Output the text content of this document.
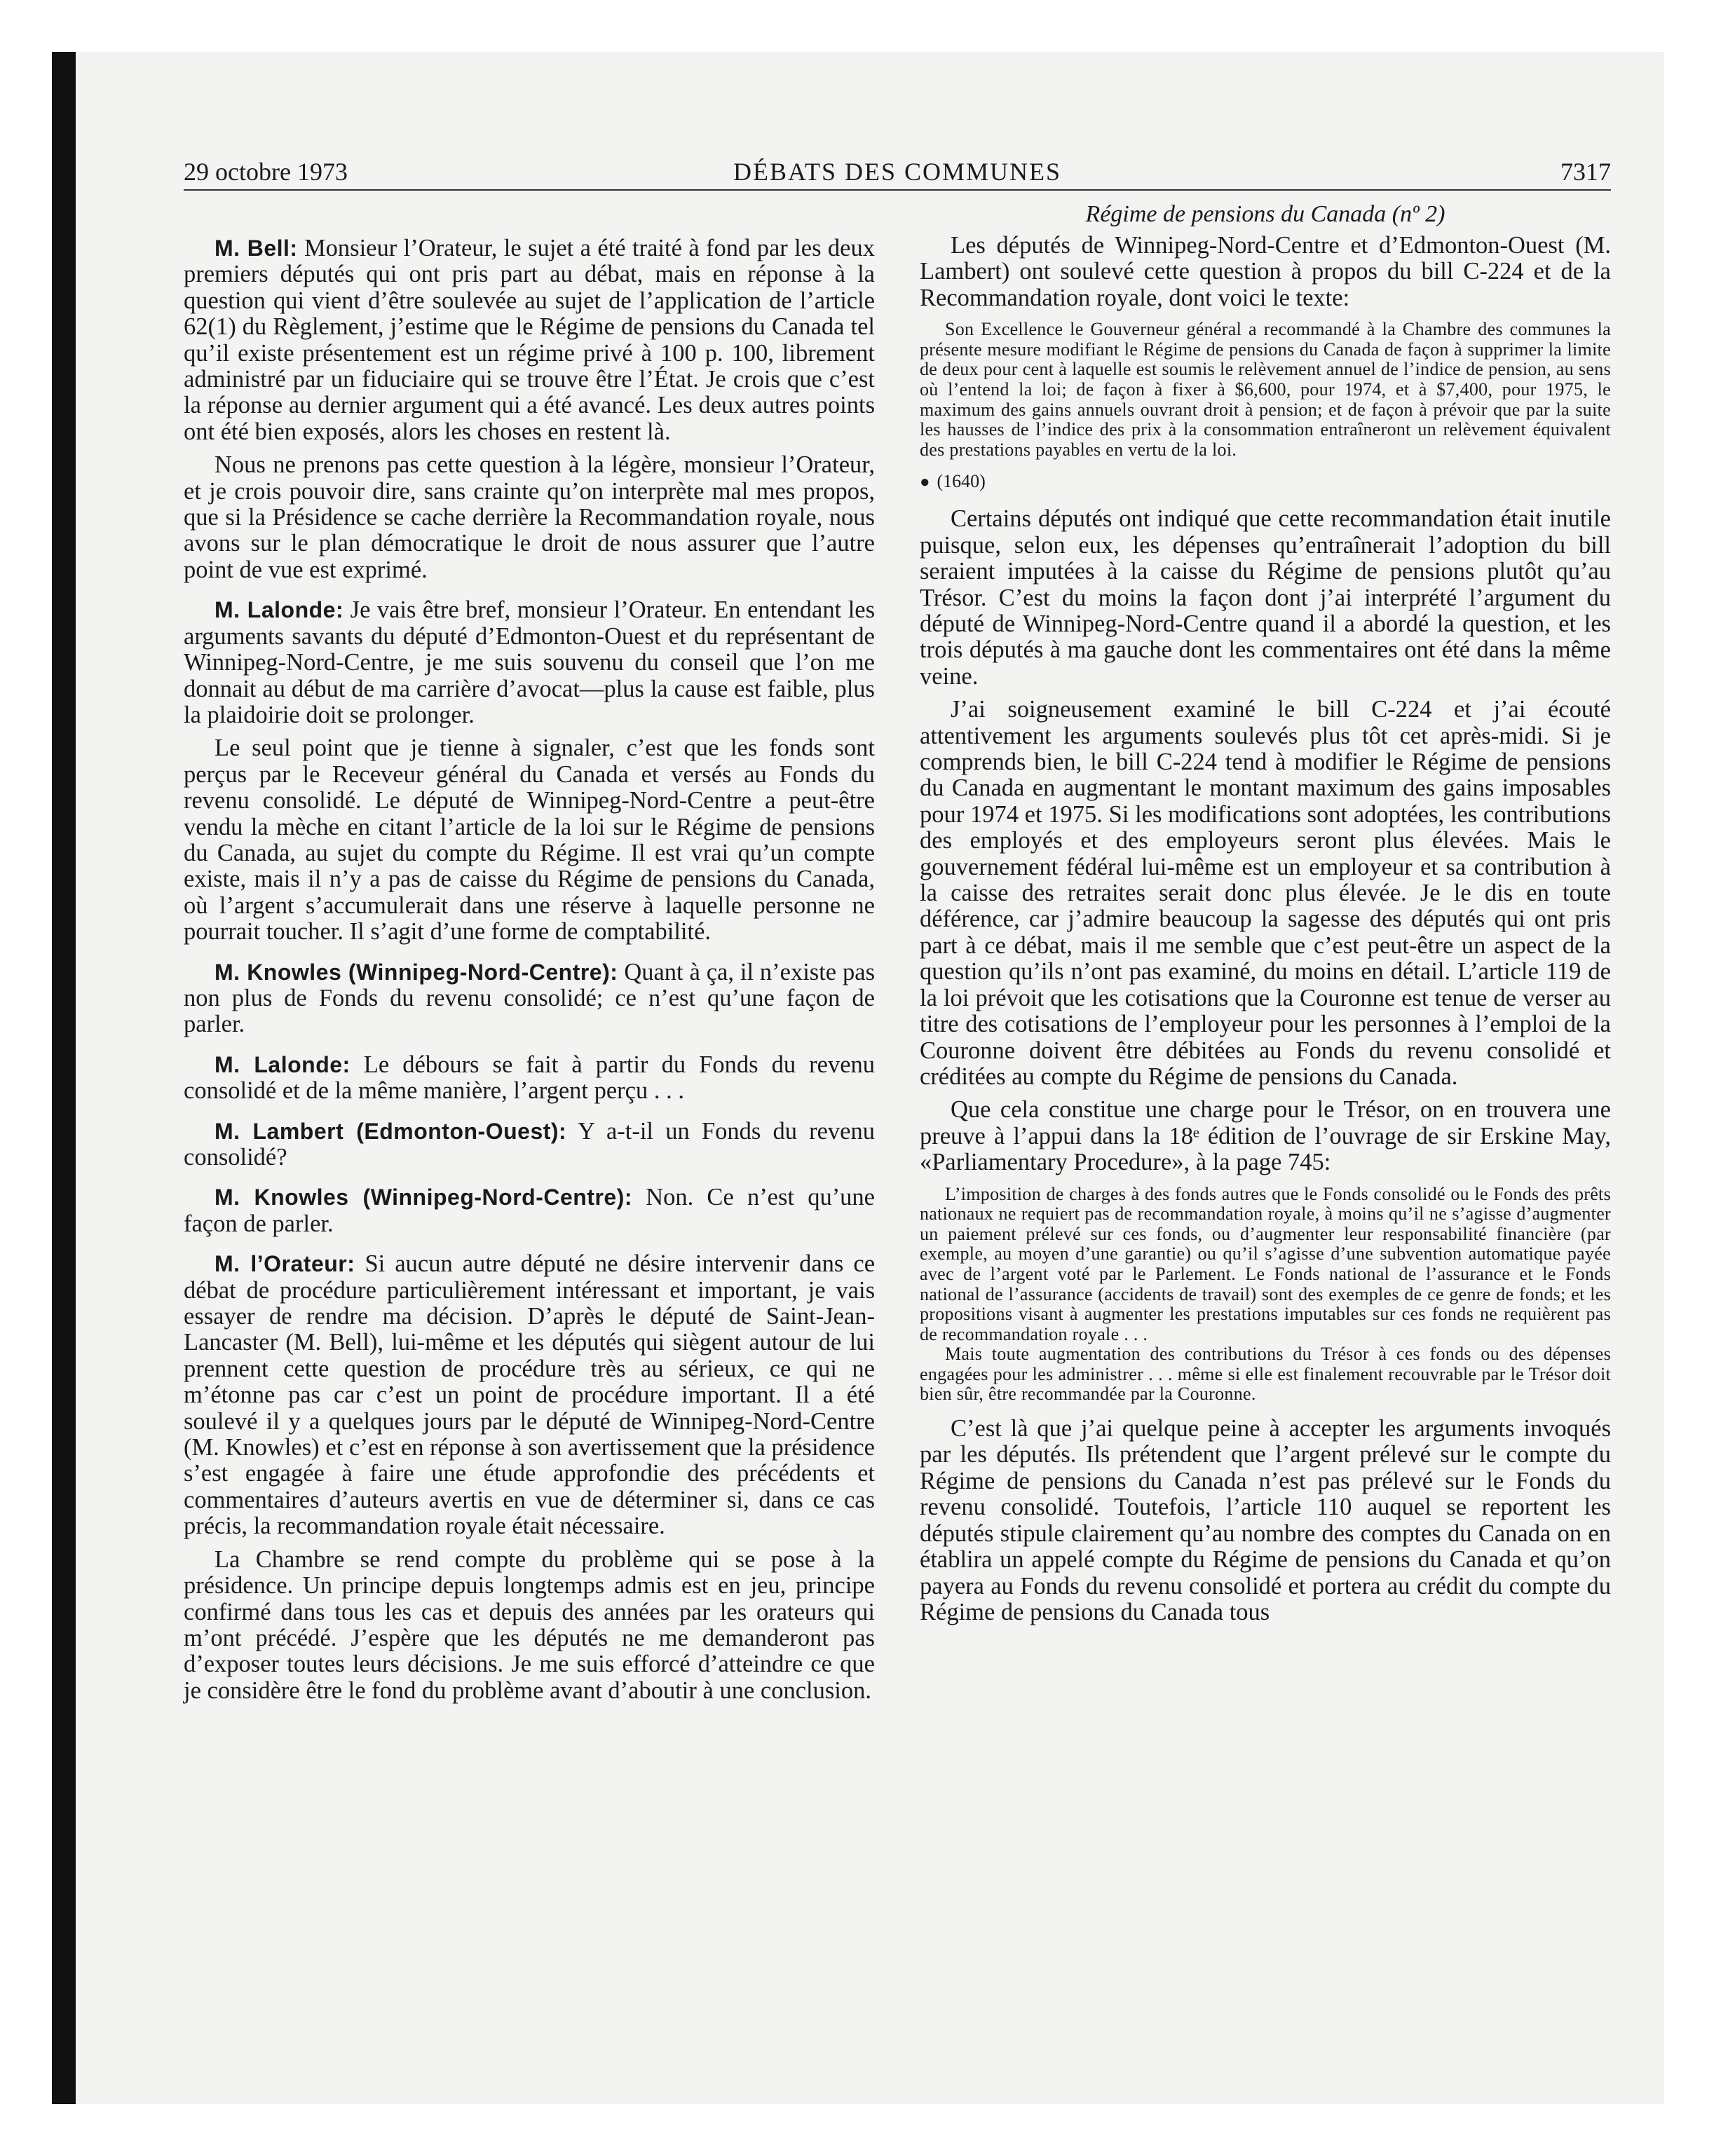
29 octobre 1973	DÉBATS DES COMMUNES	7317

M. Bell: Monsieur l’Orateur, le sujet a été traité à fond par les deux premiers députés qui ont pris part au débat, mais en réponse à la question qui vient d’être soulevée au sujet de l’application de l’article 62(1) du Règlement, j’estime que le Régime de pensions du Canada tel qu’il existe présentement est un régime privé à 100 p. 100, librement administré par un fiduciaire qui se trouve être l’État. Je crois que c’est la réponse au dernier argument qui a été avancé. Les deux autres points ont été bien exposés, alors les choses en restent là.

Nous ne prenons pas cette question à la légère, monsieur l’Orateur, et je crois pouvoir dire, sans crainte qu’on interprète mal mes propos, que si la Présidence se cache derrière la Recommandation royale, nous avons sur le plan démocratique le droit de nous assurer que l’autre point de vue est exprimé.

M. Lalonde: Je vais être bref, monsieur l’Orateur. En entendant les arguments savants du député d’Edmonton-Ouest et du représentant de Winnipeg-Nord-Centre, je me suis souvenu du conseil que l’on me donnait au début de ma carrière d’avocat—plus la cause est faible, plus la plaidoirie doit se prolonger.

Le seul point que je tienne à signaler, c’est que les fonds sont perçus par le Receveur général du Canada et versés au Fonds du revenu consolidé. Le député de Winnipeg-Nord-Centre a peut-être vendu la mèche en citant l’article de la loi sur le Régime de pensions du Canada, au sujet du compte du Régime. Il est vrai qu’un compte existe, mais il n’y a pas de caisse du Régime de pensions du Canada, où l’argent s’accumulerait dans une réserve à laquelle personne ne pourrait toucher. Il s’agit d’une forme de comptabilité.

M. Knowles (Winnipeg-Nord-Centre): Quant à ça, il n’existe pas non plus de Fonds du revenu consolidé; ce n’est qu’une façon de parler.

M. Lalonde: Le débours se fait à partir du Fonds du revenu consolidé et de la même manière, l’argent perçu . . .

M. Lambert (Edmonton-Ouest): Y a-t-il un Fonds du revenu consolidé?

M. Knowles (Winnipeg-Nord-Centre): Non. Ce n’est qu’une façon de parler.

M. l’Orateur: Si aucun autre député ne désire intervenir dans ce débat de procédure particulièrement intéressant et important, je vais essayer de rendre ma décision. D’après le député de Saint-Jean-Lancaster (M. Bell), lui-même et les députés qui siègent autour de lui prennent cette question de procédure très au sérieux, ce qui ne m’étonne pas car c’est un point de procédure important. Il a été soulevé il y a quelques jours par le député de Winnipeg-Nord-Centre (M. Knowles) et c’est en réponse à son avertissement que la présidence s’est engagée à faire une étude approfondie des précédents et commentaires d’auteurs avertis en vue de déterminer si, dans ce cas précis, la recommandation royale était nécessaire.

La Chambre se rend compte du problème qui se pose à la présidence. Un principe depuis longtemps admis est en jeu, principe confirmé dans tous les cas et depuis des années par les orateurs qui m’ont précédé. J’espère que les députés ne me demanderont pas d’exposer toutes leurs décisions. Je me suis efforcé d’atteindre ce que je considère être le fond du problème avant d’aboutir à une conclusion.

Régime de pensions du Canada (nº 2)

Les députés de Winnipeg-Nord-Centre et d’Edmonton-Ouest (M. Lambert) ont soulevé cette question à propos du bill C-224 et de la Recommandation royale, dont voici le texte:

Son Excellence le Gouverneur général a recommandé à la Chambre des communes la présente mesure modifiant le Régime de pensions du Canada de façon à supprimer la limite de deux pour cent à laquelle est soumis le relèvement annuel de l’indice de pension, au sens où l’entend la loi; de façon à fixer à $6,600, pour 1974, et à $7,400, pour 1975, le maximum des gains annuels ouvrant droit à pension; et de façon à prévoir que par la suite les hausses de l’indice des prix à la consommation entraîneront un relèvement équivalent des prestations payables en vertu de la loi.

● (1640)

Certains députés ont indiqué que cette recommandation était inutile puisque, selon eux, les dépenses qu’entraînerait l’adoption du bill seraient imputées à la caisse du Régime de pensions plutôt qu’au Trésor. C’est du moins la façon dont j’ai interprété l’argument du député de Winnipeg-Nord-Centre quand il a abordé la question, et les trois députés à ma gauche dont les commentaires ont été dans la même veine.

J’ai soigneusement examiné le bill C-224 et j’ai écouté attentivement les arguments soulevés plus tôt cet après-midi. Si je comprends bien, le bill C-224 tend à modifier le Régime de pensions du Canada en augmentant le montant maximum des gains imposables pour 1974 et 1975. Si les modifications sont adoptées, les contributions des employés et des employeurs seront plus élevées. Mais le gouvernement fédéral lui-même est un employeur et sa contribution à la caisse des retraites serait donc plus élevée. Je le dis en toute déférence, car j’admire beaucoup la sagesse des députés qui ont pris part à ce débat, mais il me semble que c’est peut-être un aspect de la question qu’ils n’ont pas examiné, du moins en détail. L’article 119 de la loi prévoit que les cotisations que la Couronne est tenue de verser au titre des cotisations de l’employeur pour les personnes à l’emploi de la Couronne doivent être débitées au Fonds du revenu consolidé et créditées au compte du Régime de pensions du Canada.

Que cela constitue une charge pour le Trésor, on en trouvera une preuve à l’appui dans la 18ᵉ édition de l’ouvrage de sir Erskine May, «Parliamentary Procedure», à la page 745:

L’imposition de charges à des fonds autres que le Fonds consolidé ou le Fonds des prêts nationaux ne requiert pas de recommandation royale, à moins qu’il ne s’agisse d’augmenter un paiement prélevé sur ces fonds, ou d’augmenter leur responsabilité financière (par exemple, au moyen d’une garantie) ou qu’il s’agisse d’une subvention automatique payée avec de l’argent voté par le Parlement. Le Fonds national de l’assurance et le Fonds national de l’assurance (accidents de travail) sont des exemples de ce genre de fonds; et les propositions visant à augmenter les prestations imputables sur ces fonds ne requièrent pas de recommandation royale . . .

Mais toute augmentation des contributions du Trésor à ces fonds ou des dépenses engagées pour les administrer . . . même si elle est finalement recouvrable par le Trésor doit bien sûr, être recommandée par la Couronne.

C’est là que j’ai quelque peine à accepter les arguments invoqués par les députés. Ils prétendent que l’argent prélevé sur le compte du Régime de pensions du Canada n’est pas prélevé sur le Fonds du revenu consolidé. Toutefois, l’article 110 auquel se reportent les députés stipule clairement qu’au nombre des comptes du Canada on en établira un appelé compte du Régime de pensions du Canada et qu’on payera au Fonds du revenu consolidé et portera au crédit du compte du Régime de pensions du Canada tous
